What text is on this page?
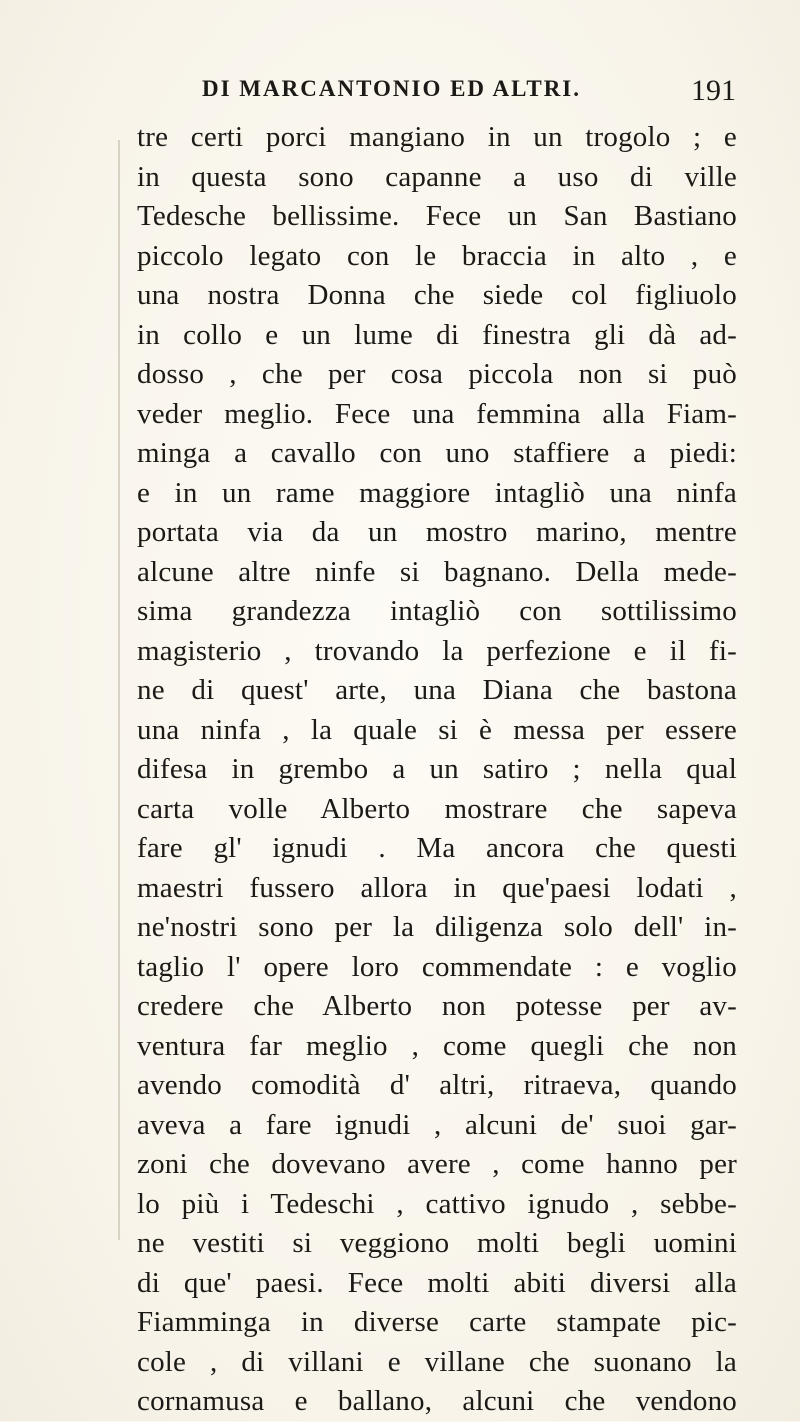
DI MARCANTONIO ED ALTRI.	191
tre certi porci mangiano in un trogolo ; e
in questa sono capanne a uso di ville
Tedesche bellissime. Fece un San Bastiano
piccolo legato con le braccia in alto , e
una nostra Donna che siede col figliuolo
in collo e un lume di finestra gli dà ad-
dosso , che per cosa piccola non si può
veder meglio. Fece una femmina alla Fiam-
minga a cavallo con uno staffiere a piedi:
e in un rame maggiore intagliò una ninfa
portata via da un mostro marino, mentre
alcune altre ninfe si bagnano. Della mede-
sima grandezza intagliò con sottilissimo
magisterio , trovando la perfezione e il fi-
ne di quest' arte, una Diana che bastona
una ninfa , la quale si è messa per essere
difesa in grembo a un satiro ; nella qual
carta volle Alberto mostrare che sapeva
fare gl' ignudi . Ma ancora che questi
maestri fussero allora in que'paesi lodati ,
ne'nostri sono per la diligenza solo dell' in-
taglio l' opere loro commendate : e voglio
credere che Alberto non potesse per av-
ventura far meglio , come quegli che non
avendo comodità d' altri, ritraeva, quando
aveva a fare ignudi , alcuni de' suoi gar-
zoni che dovevano avere , come hanno per
lo più i Tedeschi , cattivo ignudo , sebbe-
ne vestiti si veggiono molti begli uomini
di que' paesi. Fece molti abiti diversi alla
Fiamminga in diverse carte stampate pic-
cole , di villani e villane che suonano la
cornamusa e ballano, alcuni che vendono
